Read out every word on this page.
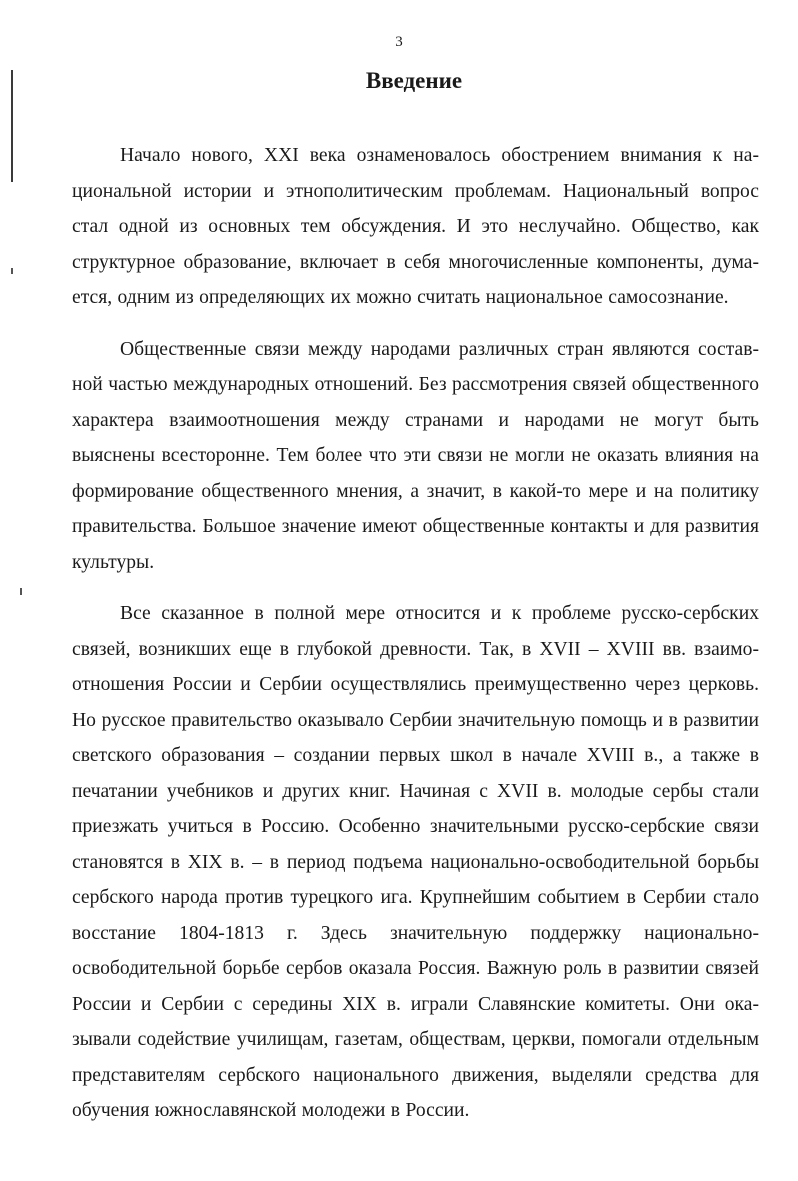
3
Введение

Начало нового, XXI века ознаменовалось обострением внимания к национальной истории и этнополитическим проблемам. Национальный вопрос стал одной из основных тем обсуждения. И это неслучайно. Общество, как структурное образование, включает в себя многочисленные компоненты, думается, одним из определяющих их можно считать национальное самосознание.

Общественные связи между народами различных стран являются составной частью международных отношений. Без рассмотрения связей общественного характера взаимоотношения между странами и народами не могут быть выяснены всесторонне. Тем более что эти связи не могли не оказать влияния на формирование общественного мнения, а значит, в какой-то мере и на политику правительства. Большое значение имеют общественные контакты и для развития культуры.

Все сказанное в полной мере относится и к проблеме русско-сербских связей, возникших еще в глубокой древности. Так, в XVII – XVIII вв. взаимоотношения России и Сербии осуществлялись преимущественно через церковь. Но русское правительство оказывало Сербии значительную помощь и в развитии светского образования – создании первых школ в начале XVIII в., а также в печатании учебников и других книг. Начиная с XVII в. молодые сербы стали приезжать учиться в Россию. Особенно значительными русско-сербские связи становятся в XIX в. – в период подъема национально-освободительной борьбы сербского народа против турецкого ига. Крупнейшим событием в Сербии стало восстание 1804-1813 г. Здесь значительную поддержку национально-освободительной борьбе сербов оказала Россия. Важную роль в развитии связей России и Сербии с середины XIX в. играли Славянские комитеты. Они оказывали содействие училищам, газетам, обществам, церкви, помогали отдельным представителям сербского национального движения, выделяли средства для обучения южнославянской молодежи в России.
